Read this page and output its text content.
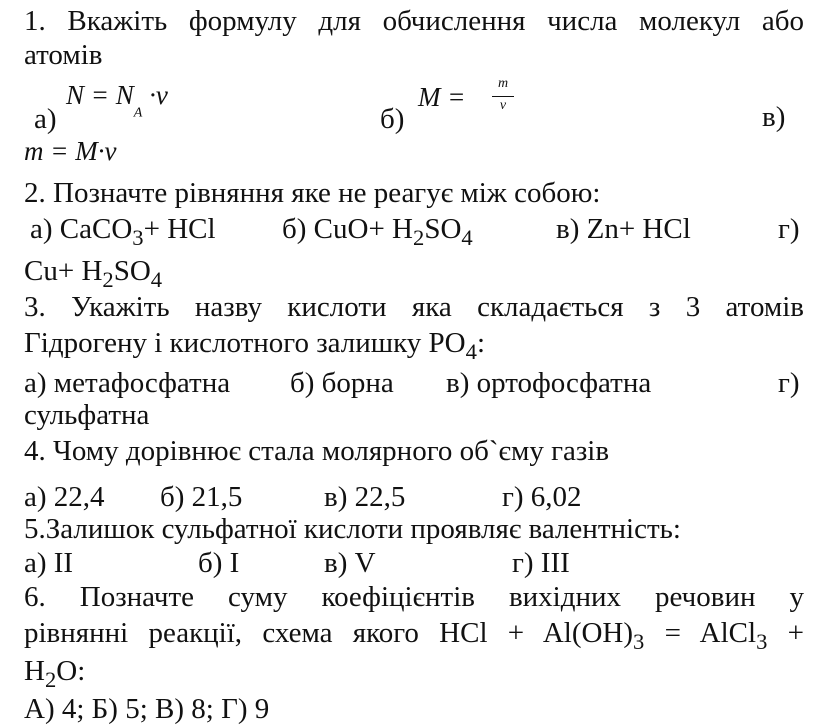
1. Вкажіть формулу для обчислення числа молекул або
атомів
а)
$N = N_A \cdot\nu$
б)
M =	m
ν	в)
m = M·ν
2. Позначте рівняння яке не реагує між собою:
а) CaCO$_3$+ HCl б) $CuO+ H_2SO_4$	в) Zn+ HCl	г)
$Cu+ H_2SO_4$
3. Укажіть назву кислоти яка складається з 3 атомів
Гідрогену і кислотного залишку $PO_4$:
а) метафосфатна б) борна в) ортофосфатна	г)
сульфатна
4. Чому дорівнює стала молярного об`єму газів
а) 22,4 б) 21,5	в) 22,5	г) 6,02
5.Залишок сульфатної кислоти проявляє валентність:
а) II	б) I	в) V	г) III
6. Позначте суму коефіцієнтів вихідних речовин у
рівнянні реакції, схема якого HCl + $Al(OH)_3$ = AlCl$_3$ +
$H_2O$:
А) 4; Б) 5; В) 8; Г) 9
